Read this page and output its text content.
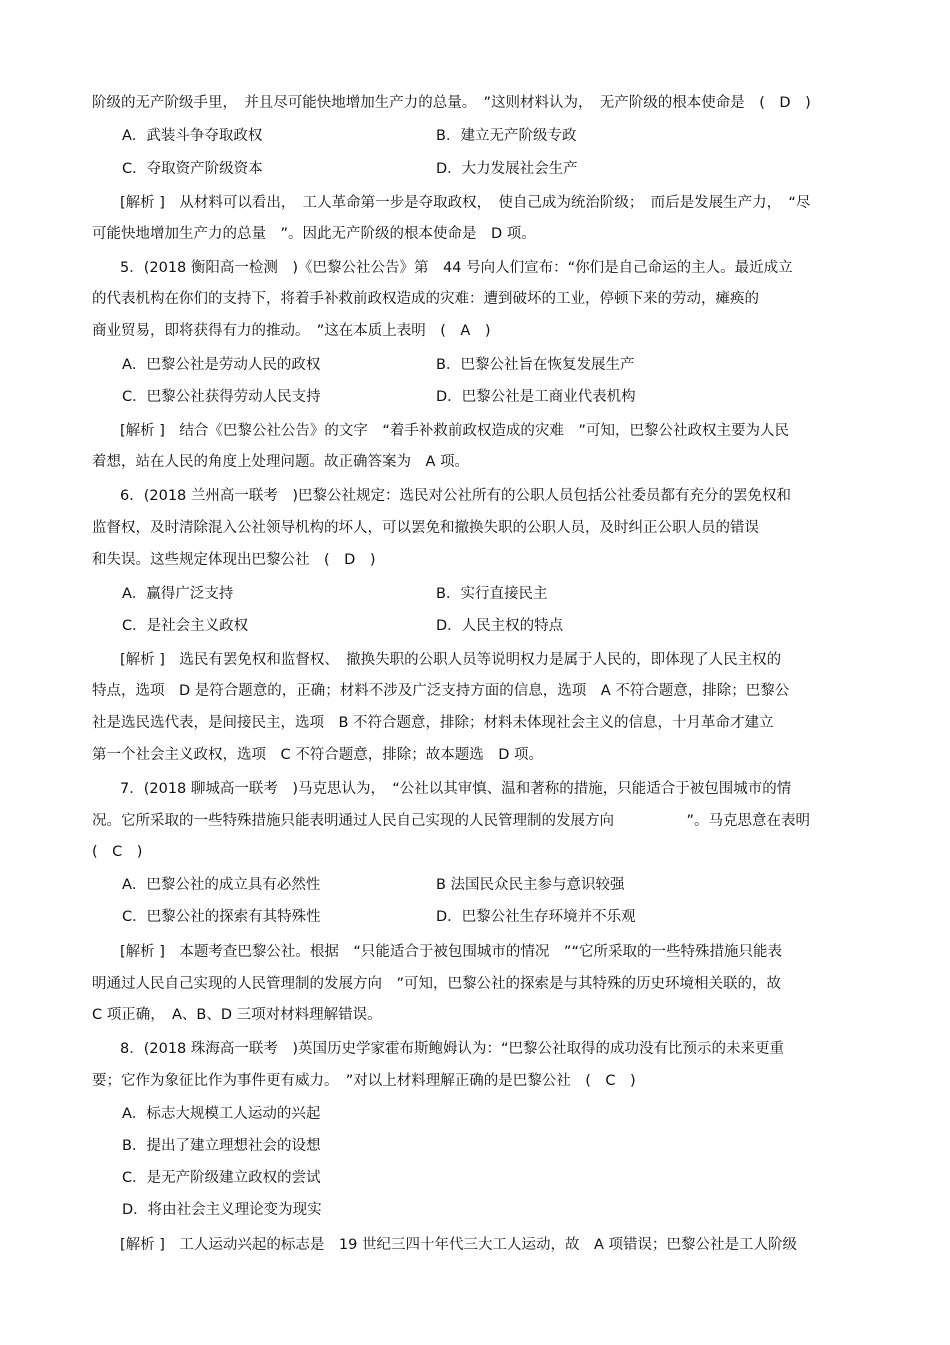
阶级的无产阶级手里，　并且尽可能快地增加生产力的总量。　”这则材料认为，　无产阶级的根本使命是　(　D　)
[解析 ]　从材料可以看出，　工人革命第一步是夺取政权，　使自己成为统治阶级；　而后是发展生产力，　“尽
可能快地增加生产力的总量　”。因此无产阶级的根本使命是　D 项。
5．(2018 衡阳高一检测　)《巴黎公社公告》第　44 号向人们宣布：“你们是自己命运的主人。最近成立
的代表机构在你们的支持下，将着手补救前政权造成的灾难：遭到破坏的工业，停顿下来的劳动，瘫痪的
商业贸易，即将获得有力的推动。　”这在本质上表明　(　A　)
[解析 ]　结合《巴黎公社公告》的文字　“着手补救前政权造成的灾难　”可知，巴黎公社政权主要为人民
着想，站在人民的角度上处理问题。故正确答案为　A 项。
6．(2018 兰州高一联考　)巴黎公社规定：选民对公社所有的公职人员包括公社委员都有充分的罢免权和
监督权，及时清除混入公社领导机构的坏人，可以罢免和撤换失职的公职人员，及时纠正公职人员的错误
和失误。这些规定体现出巴黎公社　(　D　)
[解析 ]　选民有罢免权和监督权、　撤换失职的公职人员等说明权力是属于人民的，即体现了人民主权的
特点，选项　D 是符合题意的，正确；材料不涉及广泛支持方面的信息，选项　A 不符合题意，排除；巴黎公
社是选民选代表，是间接民主，选项　B 不符合题意，排除；材料未体现社会主义的信息，十月革命才建立
第一个社会主义政权，选项　C 不符合题意，排除；故本题选　D 项。
7．(2018 聊城高一联考　)马克思认为，　“公社以其审慎、温和著称的措施，只能适合于被包围城市的情
况。它所采取的一些特殊措施只能表明通过人民自己实现的人民管理制的发展方向　　　　　”。马克思意在表明
(　C　)
[解析 ]　本题考查巴黎公社。根据　“只能适合于被包围城市的情况　”“它所采取的一些特殊措施只能表
明通过人民自己实现的人民管理制的发展方向　”可知，巴黎公社的探索是与其特殊的历史环境相关联的，故
C 项正确，　A、B、D 三项对材料理解错误。
8．(2018 珠海高一联考　)英国历史学家霍布斯鲍姆认为：“巴黎公社取得的成功没有比预示的未来更重
要；它作为象征比作为事件更有威力。　”对以上材料理解正确的是巴黎公社　(　C　)
[解析 ]　工人运动兴起的标志是　19 世纪三四十年代三大工人运动，故　A 项错误；巴黎公社是工人阶级
A．武装斗争夺取政权	B．建立无产阶级专政
C．夺取资产阶级资本	D．大力发展社会生产
A．巴黎公社是劳动人民的政权	B．巴黎公社旨在恢复发展生产
C．巴黎公社获得劳动人民支持	D．巴黎公社是工商业代表机构
A．赢得广泛支持	B．实行直接民主
C．是社会主义政权	D．人民主权的特点
A．巴黎公社的成立具有必然性	B 法国民众民主参与意识较强
C．巴黎公社的探索有其特殊性	D．巴黎公社生存环境并不乐观
A．标志大规模工人运动的兴起
B．提出了建立理想社会的设想
C．是无产阶级建立政权的尝试
D．将由社会主义理论变为现实
